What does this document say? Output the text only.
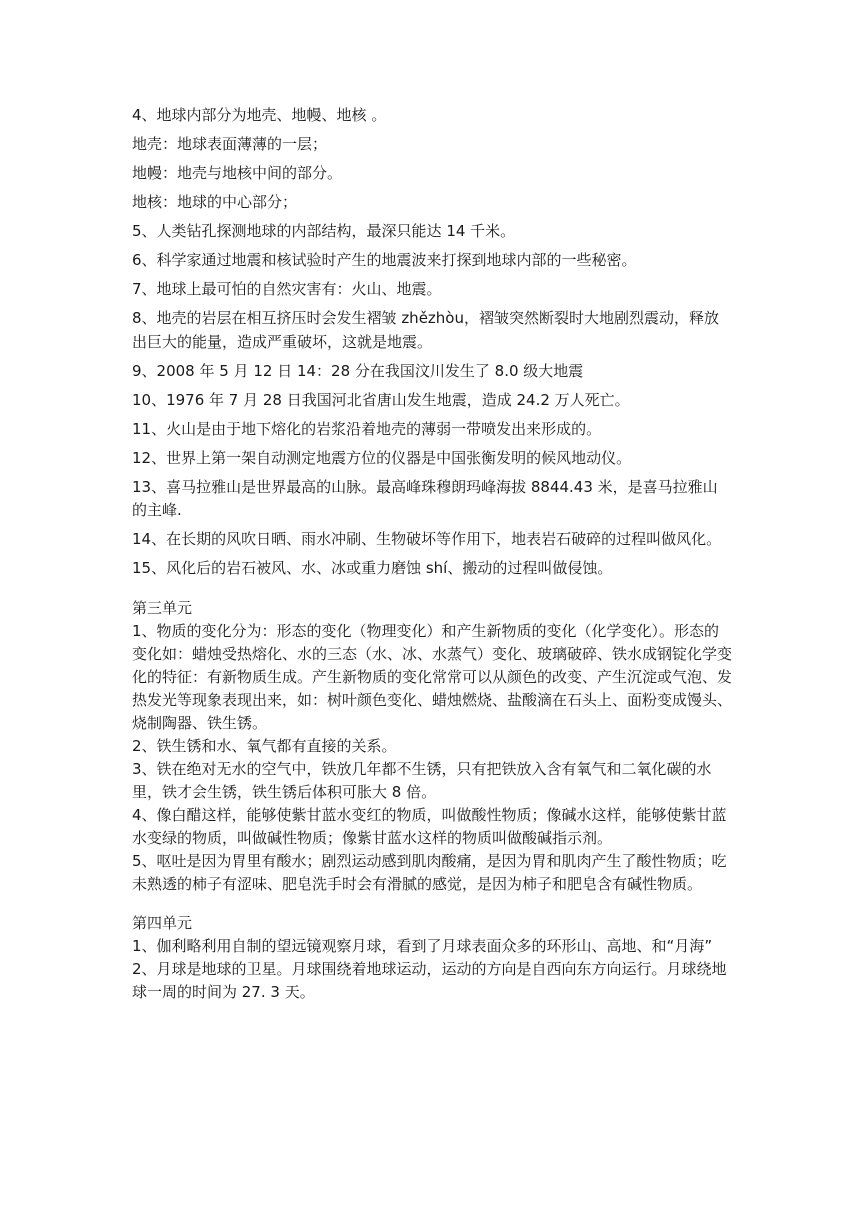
4、地球内部分为地壳、地幔、地核 。

地壳：地球表面薄薄的一层；

地幔：地壳与地核中间的部分。

地核：地球的中心部分；

5、人类钻孔探测地球的内部结构，最深只能达 14 千米。

6、科学家通过地震和核试验时产生的地震波来打探到地球内部的一些秘密。

7、地球上最可怕的自然灾害有：火山、地震。

8、地壳的岩层在相互挤压时会发生褶皱 zhězhòu，褶皱突然断裂时大地剧烈震动，释放出巨大的能量，造成严重破坏，这就是地震。

9、2008 年 5 月 12 日 14：28 分在我国汶川发生了 8.0 级大地震

10、1976 年 7 月 28 日我国河北省唐山发生地震，造成 24.2 万人死亡。

11、火山是由于地下熔化的岩浆沿着地壳的薄弱一带喷发出来形成的。

12、世界上第一架自动测定地震方位的仪器是中国张衡发明的候风地动仪。

13、喜马拉雅山是世界最高的山脉。最高峰珠穆朗玛峰海拔 8844.43 米，是喜马拉雅山的主峰.

14、在长期的风吹日晒、雨水冲刷、生物破坏等作用下，地表岩石破碎的过程叫做风化。

15、风化后的岩石被风、水、冰或重力磨蚀 shí、搬动的过程叫做侵蚀。

第三单元

1、物质的变化分为：形态的变化（物理变化）和产生新物质的变化（化学变化）。形态的变化如：蜡烛受热熔化、水的三态（水、冰、水蒸气）变化、玻璃破碎、铁水成钢锭化学变化的特征：有新物质生成。产生新物质的变化常常可以从颜色的改变、产生沉淀或气泡、发热发光等现象表现出来，如：树叶颜色变化、蜡烛燃烧、盐酸滴在石头上、面粉变成馒头、烧制陶器、铁生锈。

2、铁生锈和水、氧气都有直接的关系。

3、铁在绝对无水的空气中，铁放几年都不生锈，只有把铁放入含有氧气和二氧化碳的水里，铁才会生锈，铁生锈后体积可胀大 8 倍。

4、像白醋这样，能够使紫甘蓝水变红的物质，叫做酸性物质；像碱水这样，能够使紫甘蓝水变绿的物质，叫做碱性物质；像紫甘蓝水这样的物质叫做酸碱指示剂。

5、呕吐是因为胃里有酸水；剧烈运动感到肌肉酸痛，是因为胃和肌肉产生了酸性物质；吃未熟透的柿子有涩味、肥皂洗手时会有滑腻的感觉，是因为柿子和肥皂含有碱性物质。

第四单元

1、伽利略利用自制的望远镜观察月球，看到了月球表面众多的环形山、高地、和“月海”

2、月球是地球的卫星。月球围绕着地球运动，运动的方向是自西向东方向运行。月球绕地球一周的时间为 27. 3 天。
